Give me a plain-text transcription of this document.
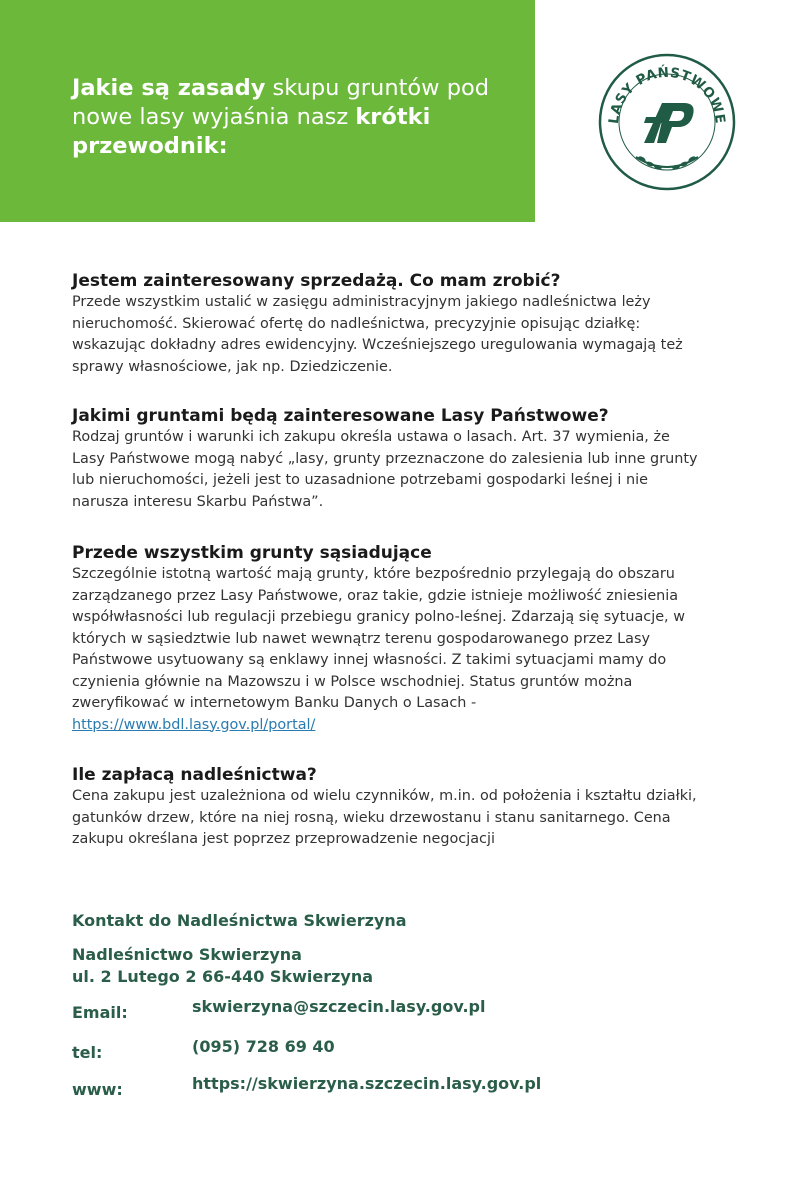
Jakie są zasady skupu gruntów pod nowe lasy wyjaśnia nasz krótki przewodnik:
LASY PAŃSTWOWE
Jestem zainteresowany sprzedażą. Co mam zrobić?

Przede wszystkim ustalić w zasięgu administracyjnym jakiego nadleśnictwa leży nieruchomość. Skierować ofertę do nadleśnictwa, precyzyjnie opisując działkę: wskazując dokładny adres ewidencyjny. Wcześniejszego uregulowania wymagają też sprawy własnościowe, jak np. Dziedziczenie.

Jakimi gruntami będą zainteresowane Lasy Państwowe?

Rodzaj gruntów i warunki ich zakupu określa ustawa o lasach. Art. 37 wymienia, że Lasy Państwowe mogą nabyć „lasy, grunty przeznaczone do zalesienia lub inne grunty lub nieruchomości, jeżeli jest to uzasadnione potrzebami gospodarki leśnej i nie narusza interesu Skarbu Państwa”.

Przede wszystkim grunty sąsiadujące

Szczególnie istotną wartość mają grunty, które bezpośrednio przylegają do obszaru zarządzanego przez Lasy Państwowe, oraz takie, gdzie istnieje możliwość zniesienia współwłasności lub regulacji przebiegu granicy polno-leśnej. Zdarzają się sytuacje, w których w sąsiedztwie lub nawet wewnątrz terenu gospodarowanego przez Lasy Państwowe usytuowany są enklawy innej własności. Z takimi sytuacjami mamy do czynienia głównie na Mazowszu i w Polsce wschodniej. Status gruntów można zweryfikować w internetowym Banku Danych o Lasach - https://www.bdl.lasy.gov.pl/portal/

Ile zapłacą nadleśnictwa?

Cena zakupu jest uzależniona od wielu czynników, m.in. od położenia i kształtu działki, gatunków drzew, które na niej rosną, wieku drzewostanu i stanu sanitarnego. Cena zakupu określana jest poprzez przeprowadzenie negocjacji

Kontakt do Nadleśnictwa Skwierzyna
Nadleśnictwo Skwierzyna
ul. 2 Lutego 2 66-440 Skwierzyna
Email:	skwierzyna@szczecin.lasy.gov.pl
tel:	(095) 728 69 40
www:	https://skwierzyna.szczecin.lasy.gov.pl
